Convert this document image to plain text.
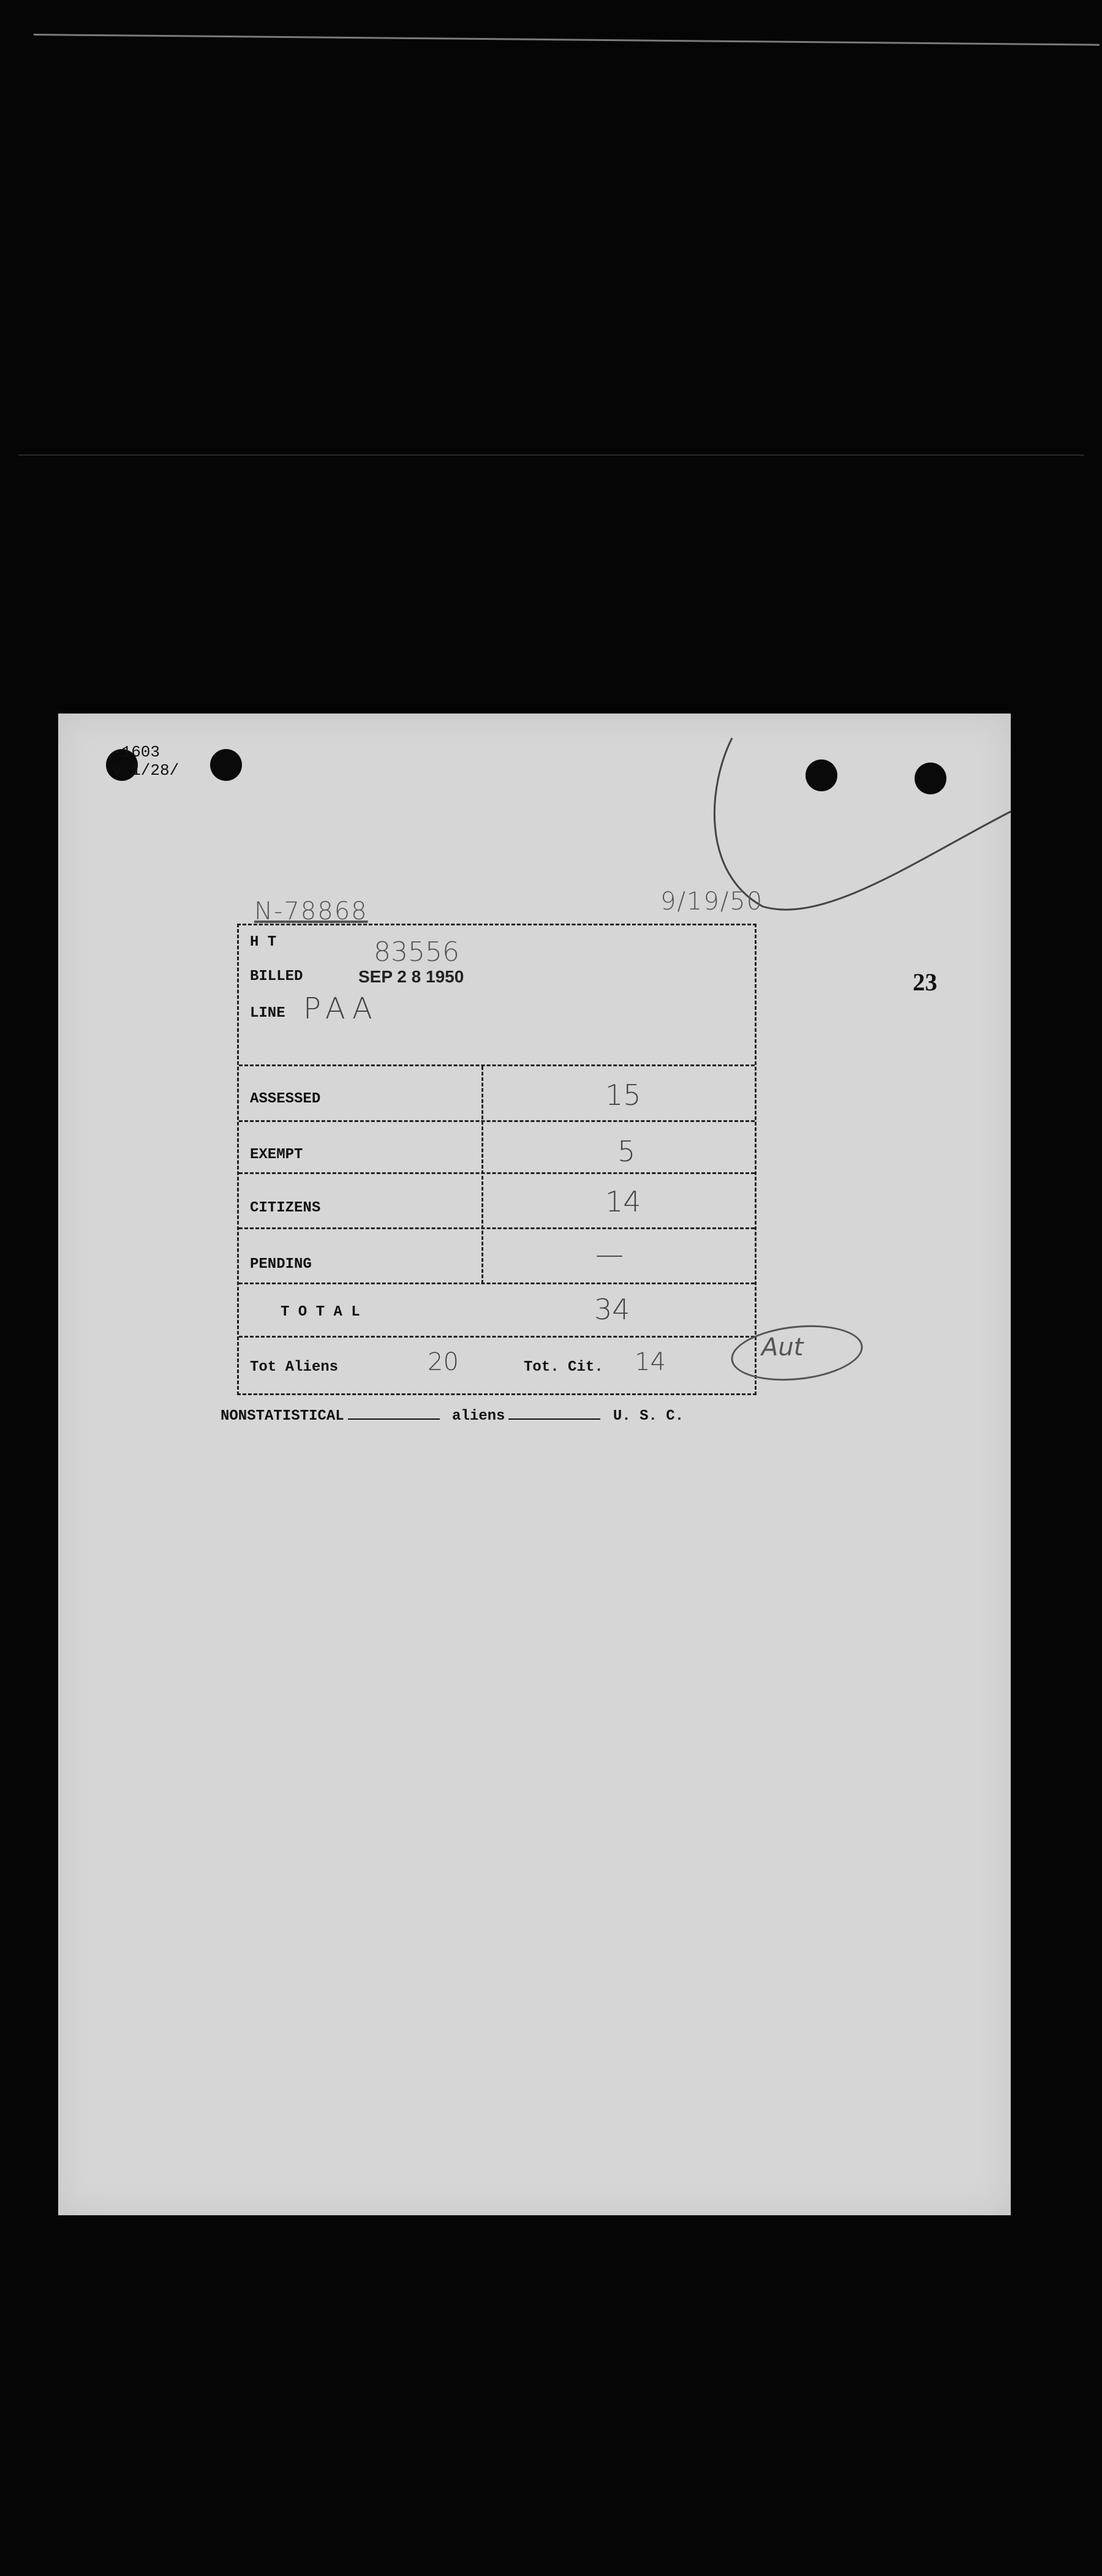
-1603
v 1/28/
23
N-78868	9/19/50
H T	83556
BILLED	SEP 2 8 1950
LINE PAA
ASSESSED	15
EXEMPT	5
CITIZENS	14
PENDING	—
T O T A L	34
Tot Aliens	20	Tot. Cit. 14
Aut
NONSTATISTICAL	aliens	U. S. C.
